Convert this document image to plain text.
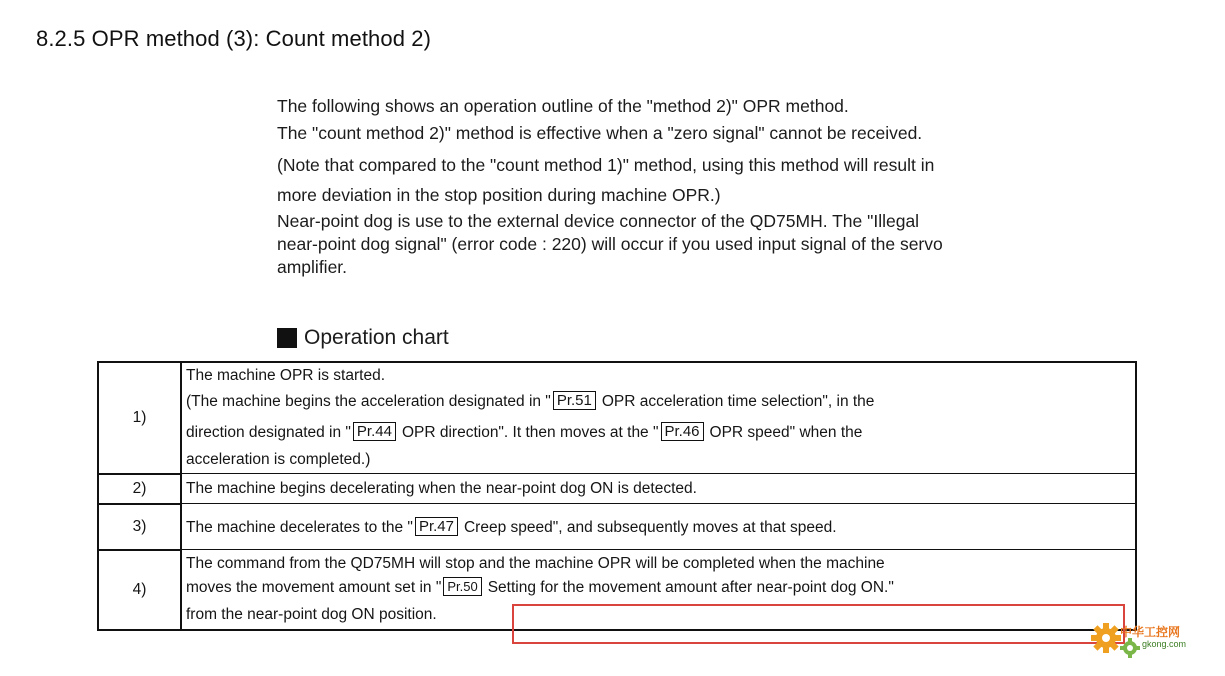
8.2.5 OPR method (3): Count method 2)

The following shows an operation outline of the "method 2)" OPR method.

The "count method 2)" method is effective when a "zero signal" cannot be received.

(Note that compared to the "count method 1)" method, using this method will result in

more deviation in the stop position during machine OPR.)

Near-point dog is use to the external device connector of the QD75MH. The "Illegal

near-point dog signal" (error code : 220) will occur if you used input signal of the servo

amplifier.

Operation chart
1)	The machine OPR is started.
(The machine begins the acceleration designated in " Pr.51 OPR acceleration time selection", in the
direction designated in " Pr.44 OPR direction". It then moves at the " Pr.46 OPR speed" when the
acceleration is completed.)

2)	The machine begins decelerating when the near-point dog ON is detected.
3)	The machine decelerates to the " Pr.47 Creep speed", and subsequently moves at that speed.
4)	The command from the QD75MH will stop and the machine OPR will be completed when the machine
moves the movement amount set in " Pr.50 Setting for the movement amount after near-point dog ON."
from the near-point dog ON position.
中华工控网
gkong.com
